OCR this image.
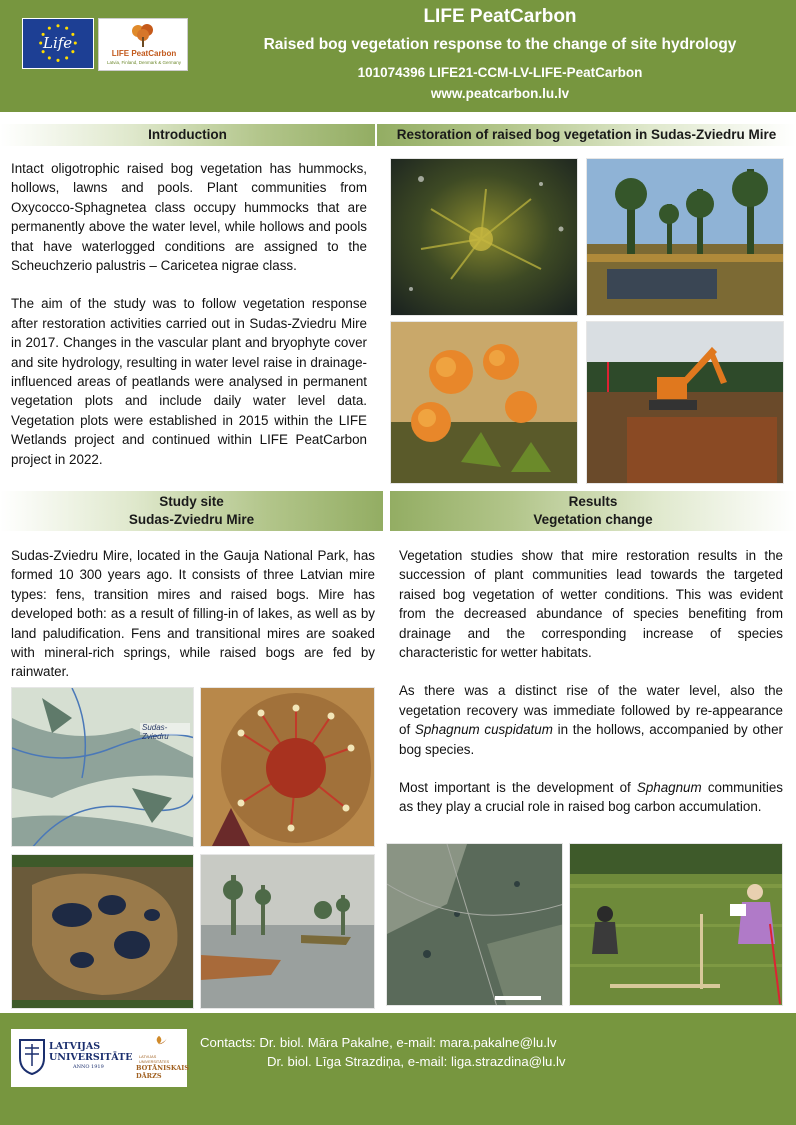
Life
LIFE PeatCarbon
Latvia, Finland, Denmark & Germany
LIFE PeatCarbon
Raised bog vegetation response to the change of site hydrology
101074396 LIFE21-CCM-LV-LIFE-PeatCarbon
www.peatcarbon.lu.lv
Introduction

Intact oligotrophic raised bog vegetation has hummocks, hollows, lawns and pools. Plant communities from Oxycocco-Sphagnetea class occupy hummocks that are permanently above the water level, while hollows and pools that have waterlogged conditions are assigned to the Scheuchzerio palustris – Caricetea nigrae class.

The aim of the study was to follow vegetation response after restoration activities carried out in Sudas-Zviedru Mire in 2017. Changes in the vascular plant and bryophyte cover and site hydrology, resulting in water level raise in drainage-influenced areas of peatlands were analysed in permanent vegetation plots and include daily water level data. Vegetation plots were established in 2015 within the LIFE Wetlands project and continued within LIFE PeatCarbon project in 2022.

Restoration of raised bog vegetation in Sudas-Zviedru Mire
Study site
Sudas-Zviedru Mire

Sudas-Zviedru Mire, located in the Gauja National Park, has formed 10 300 years ago. It consists of three Latvian mire types: fens, transition mires and raised bogs. Mire has developed both: as a result of filling-in of lakes, as well as by land paludification. Fens and transitional mires are soaked with mineral-rich springs, while raised bogs are fed by rainwater.

Sudas-Zviedru
Results
Vegetation change

Vegetation studies show that mire restoration results in the succession of plant communities lead towards the targeted raised bog vegetation of wetter conditions. This was evident from the decreased abundance of species benefiting from drainage and the corresponding increase of species characteristic for wetter habitats.

As there was a distinct rise of the water level, also the vegetation recovery was immediate followed by re-appearance of Sphagnum cuspidatum in the hollows, accompanied by other bog species.

Most important is the development of Sphagnum communities as they play a crucial role in raised bog carbon accumulation.

LATVIJAS
UNIVERSITĀTE
ANNO 1919
LATVIJAS UNIVERSITĀTES
BOTĀNISKAIS
DĀRZS
Contacts: Dr. biol. Māra Pakalne, e-mail: mara.pakalne@lu.lv
Dr. biol. Līga Strazdiņa, e-mail: liga.strazdina@lu.lv
